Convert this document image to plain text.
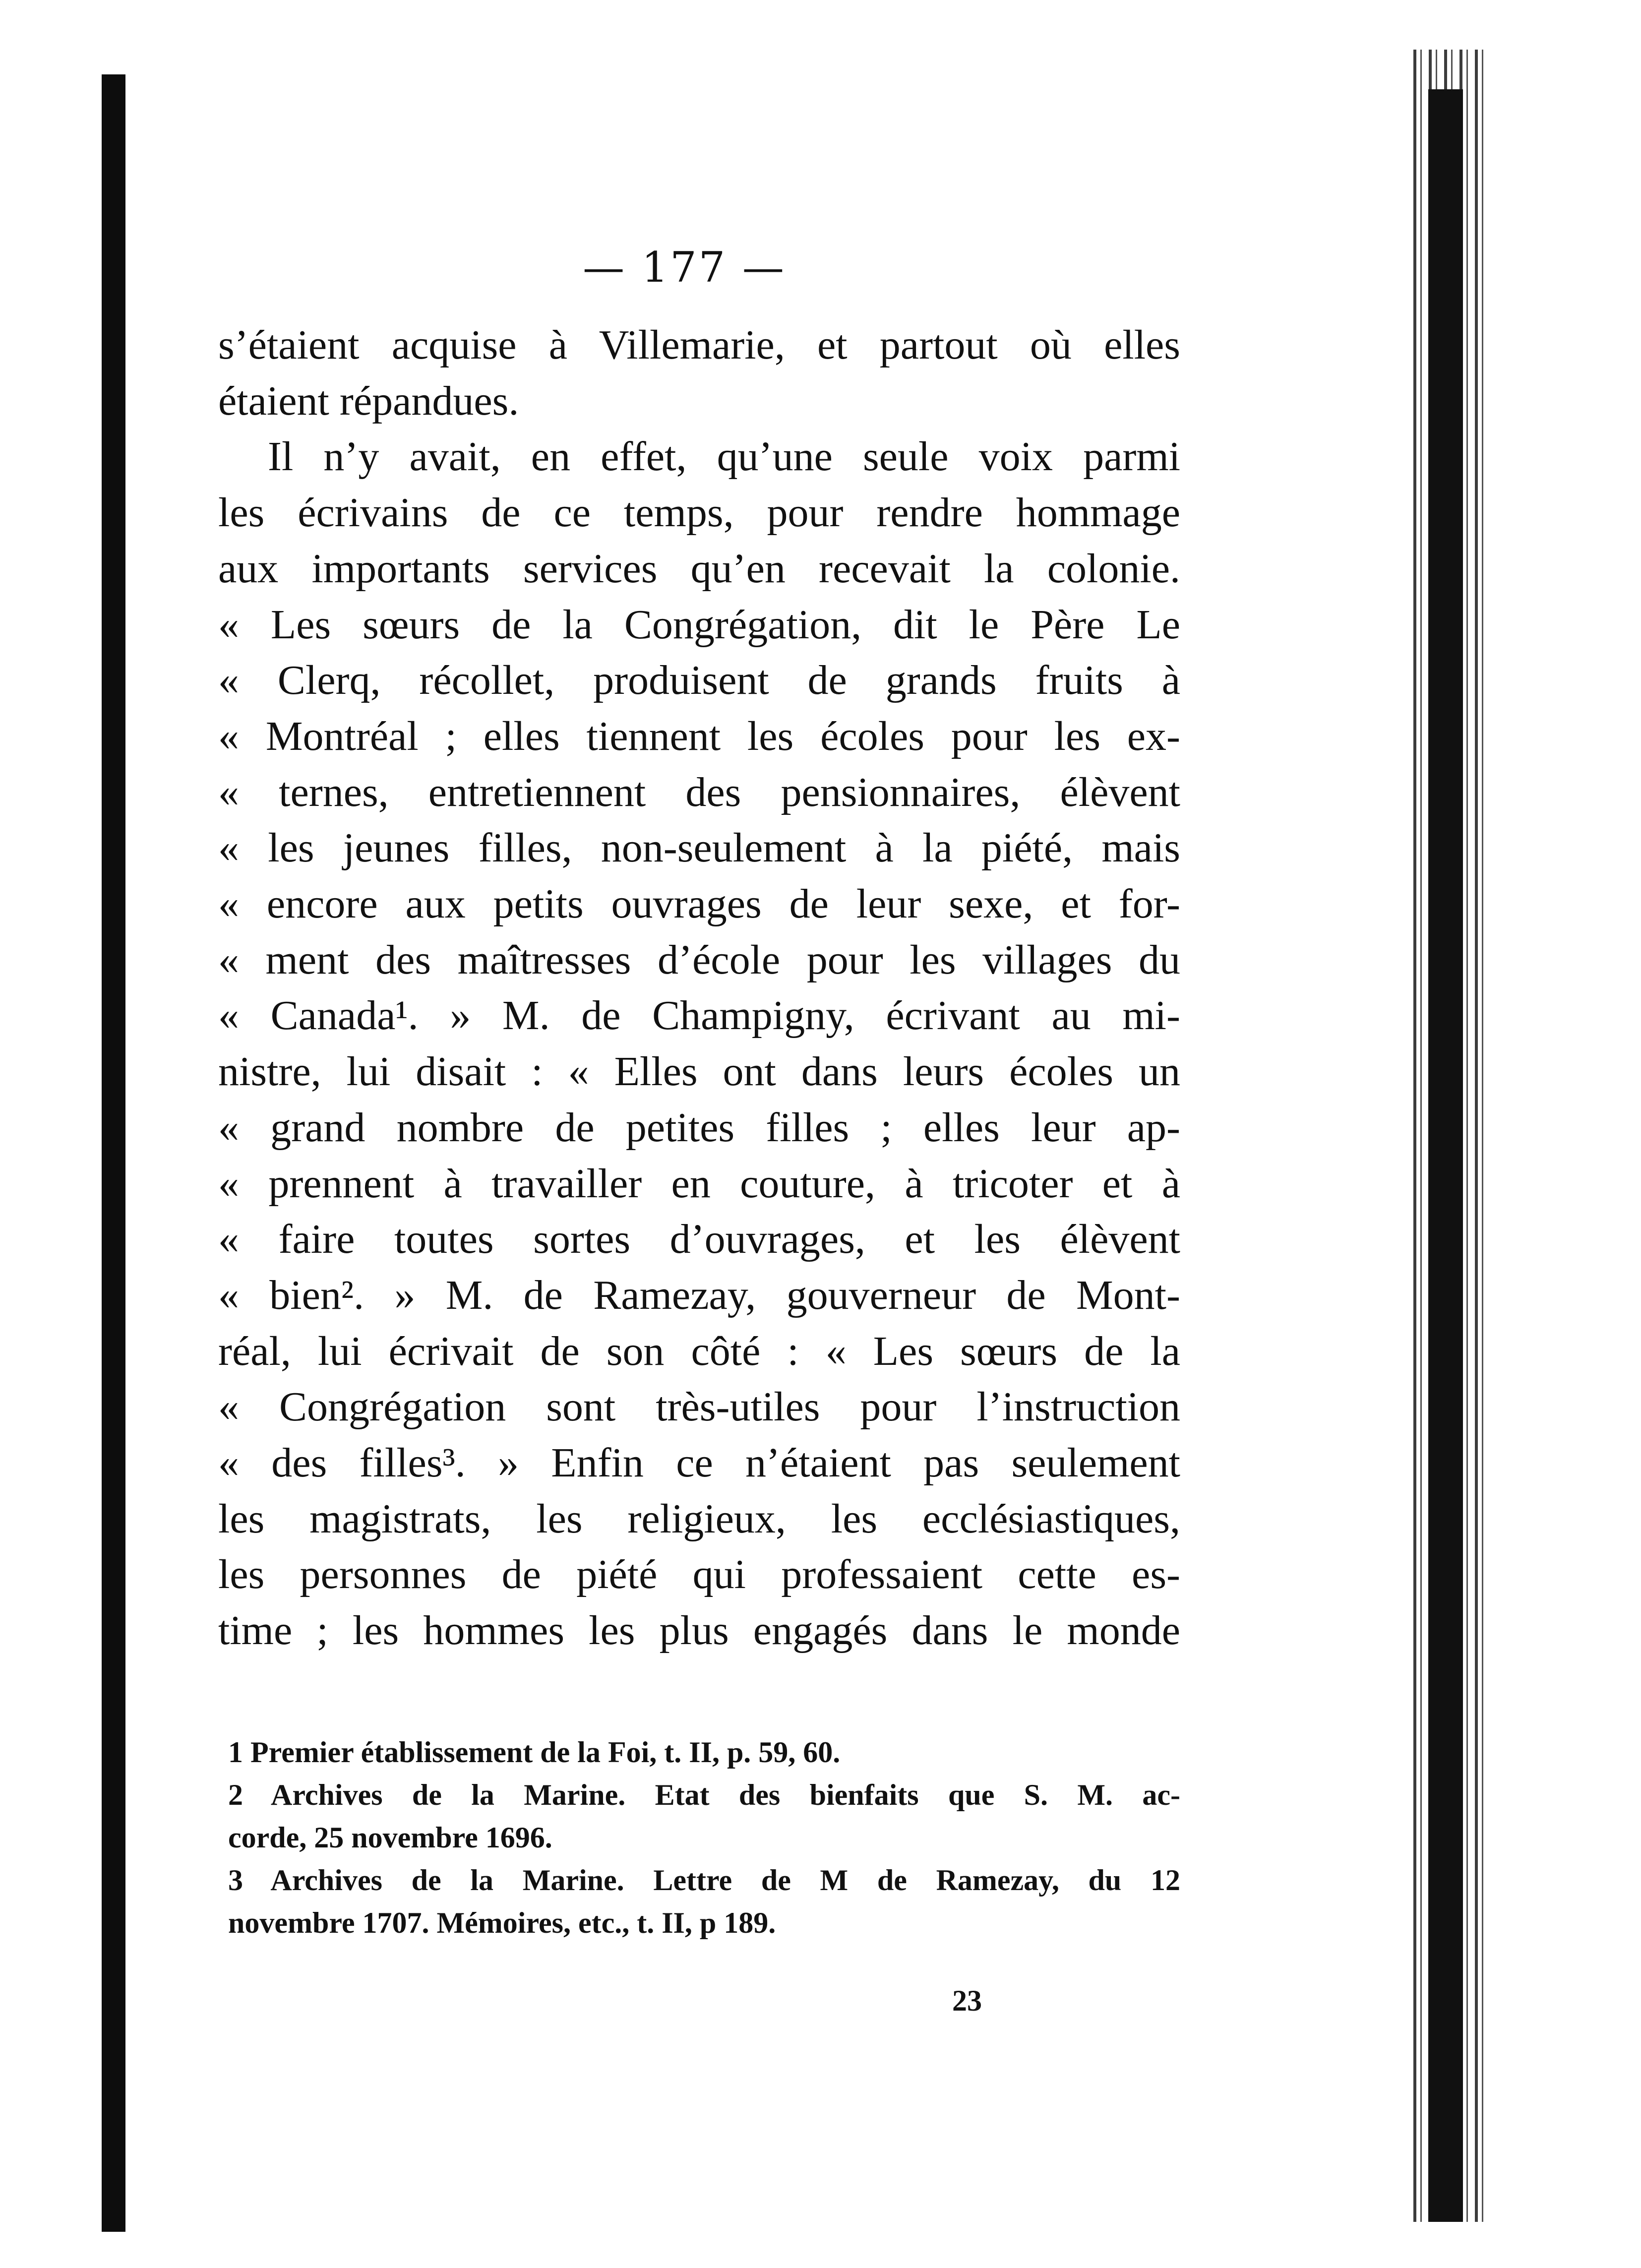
— 177 —
s’étaient acquise à Villemarie, et partout où elles
étaient répandues.
Il n’y avait, en effet, qu’une seule voix parmi
les écrivains de ce temps, pour rendre hommage
aux importants services qu’en recevait la colonie.
« Les sœurs de la Congrégation, dit le Père Le
« Clerq, récollet, produisent de grands fruits à
« Montréal ; elles tiennent les écoles pour les ex-
« ternes, entretiennent des pensionnaires, élèvent
« les jeunes filles, non-seulement à la piété, mais
« encore aux petits ouvrages de leur sexe, et for-
« ment des maîtresses d’école pour les villages du
« Canada¹. » M. de Champigny, écrivant au mi-
nistre, lui disait : « Elles ont dans leurs écoles un
« grand nombre de petites filles ; elles leur ap-
« prennent à travailler en couture, à tricoter et à
« faire toutes sortes d’ouvrages, et les élèvent
« bien². » M. de Ramezay, gouverneur de Mont-
réal, lui écrivait de son côté : « Les sœurs de la
« Congrégation sont très-utiles pour l’instruction
« des filles³. » Enfin ce n’étaient pas seulement
les magistrats, les religieux, les ecclésiastiques,
les personnes de piété qui professaient cette es-
time ; les hommes les plus engagés dans le monde
1 Premier établissement de la Foi, t. II, p. 59, 60.
2 Archives de la Marine. Etat des bienfaits que S. M. ac-
corde, 25 novembre 1696.
3 Archives de la Marine. Lettre de M de Ramezay, du 12
novembre 1707. Mémoires, etc., t. II, p 189.
23
